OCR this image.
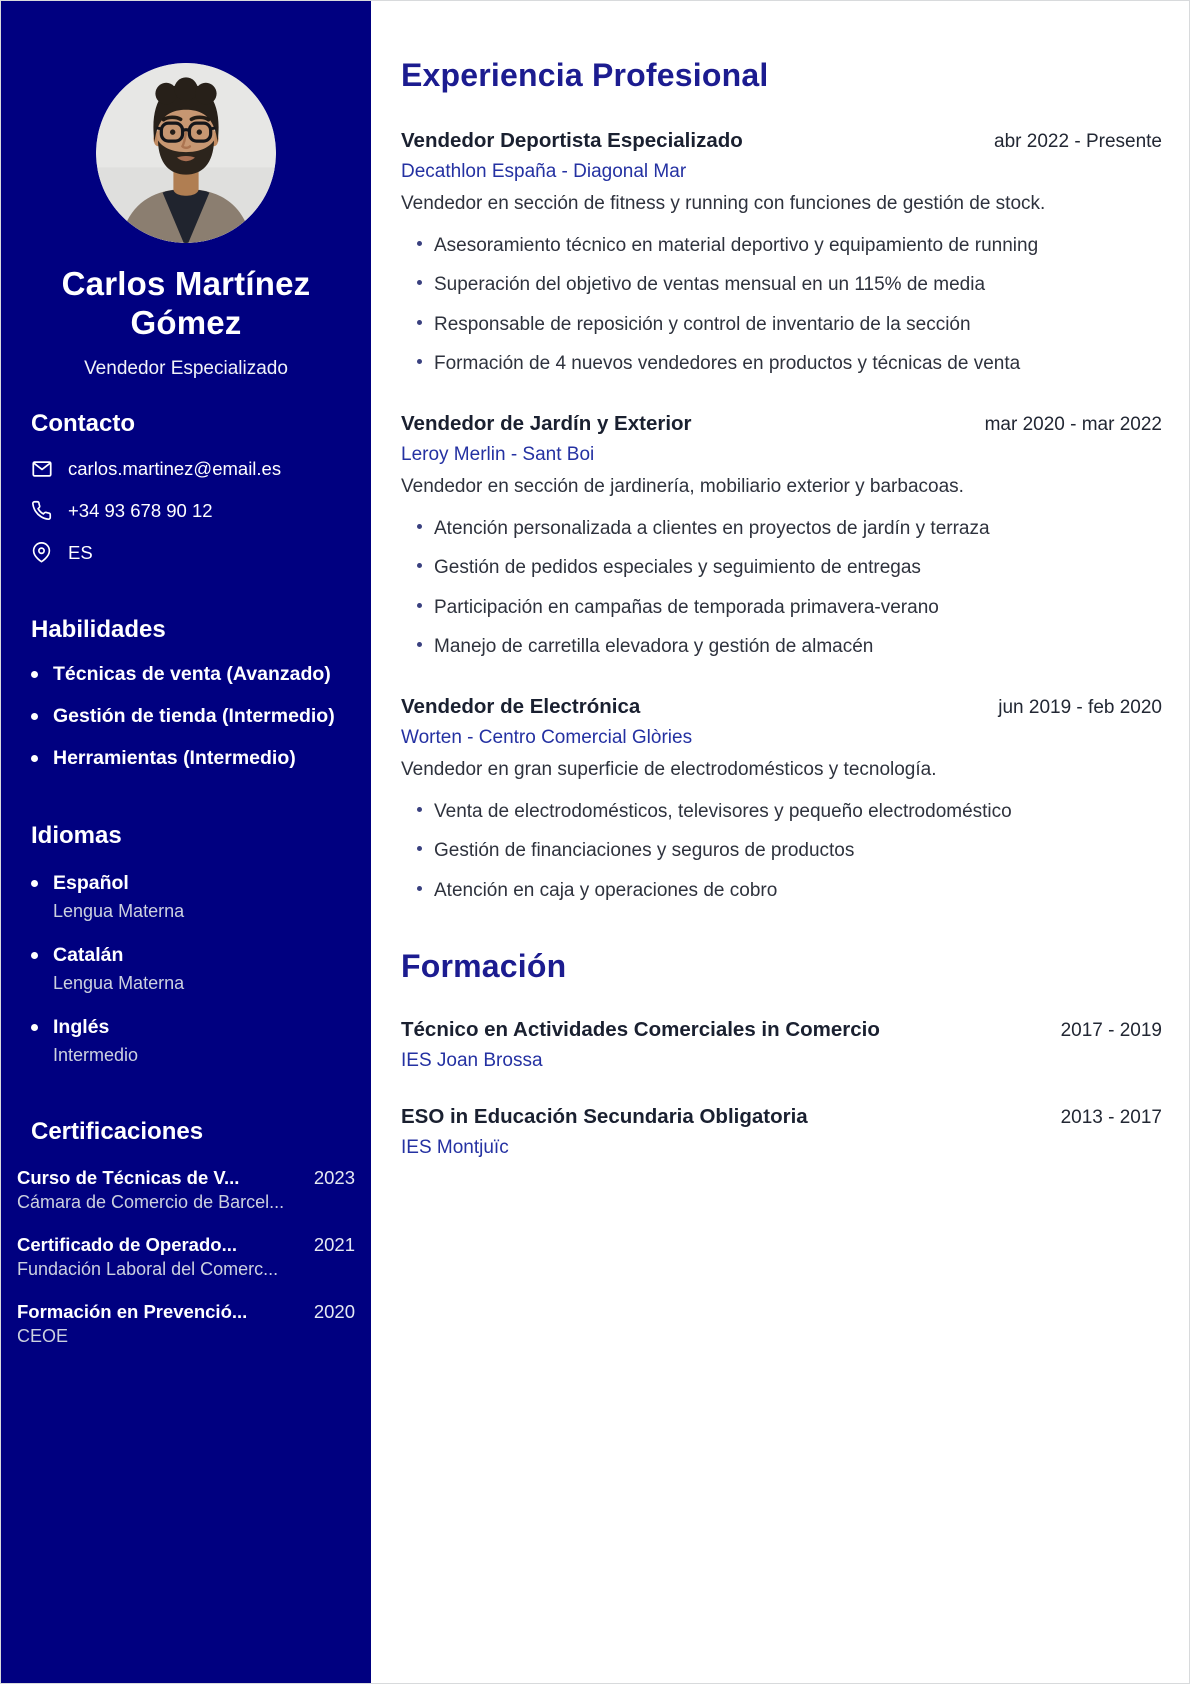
Carlos Martínez Gómez
Vendedor Especializado
Contacto
carlos.martinez@email.es
+34 93 678 90 12
ES
Habilidades
Técnicas de venta (Avanzado)
Gestión de tienda (Intermedio)
Herramientas (Intermedio)
Idiomas
Español
Lengua Materna
Catalán
Lengua Materna
Inglés
Intermedio
Certificaciones
Curso de Técnicas de V...	2023
Cámara de Comercio de Barcel...
Certificado de Operado...	2021
Fundación Laboral del Comerc...
Formación en Prevenció...	2020
CEOE
Experiencia Profesional
Vendedor Deportista Especializado	abr 2022 - Presente
Decathlon España - Diagonal Mar
Vendedor en sección de fitness y running con funciones de gestión de stock.
Asesoramiento técnico en material deportivo y equipamiento de running
Superación del objetivo de ventas mensual en un 115% de media
Responsable de reposición y control de inventario de la sección
Formación de 4 nuevos vendedores en productos y técnicas de venta
Vendedor de Jardín y Exterior	mar 2020 - mar 2022
Leroy Merlin - Sant Boi
Vendedor en sección de jardinería, mobiliario exterior y barbacoas.
Atención personalizada a clientes en proyectos de jardín y terraza
Gestión de pedidos especiales y seguimiento de entregas
Participación en campañas de temporada primavera-verano
Manejo de carretilla elevadora y gestión de almacén
Vendedor de Electrónica	jun 2019 - feb 2020
Worten - Centro Comercial Glòries
Vendedor en gran superficie de electrodomésticos y tecnología.
Venta de electrodomésticos, televisores y pequeño electrodoméstico
Gestión de financiaciones y seguros de productos
Atención en caja y operaciones de cobro
Formación
Técnico en Actividades Comerciales in Comercio	2017 - 2019
IES Joan Brossa
ESO in Educación Secundaria Obligatoria	2013 - 2017
IES Montjuïc
